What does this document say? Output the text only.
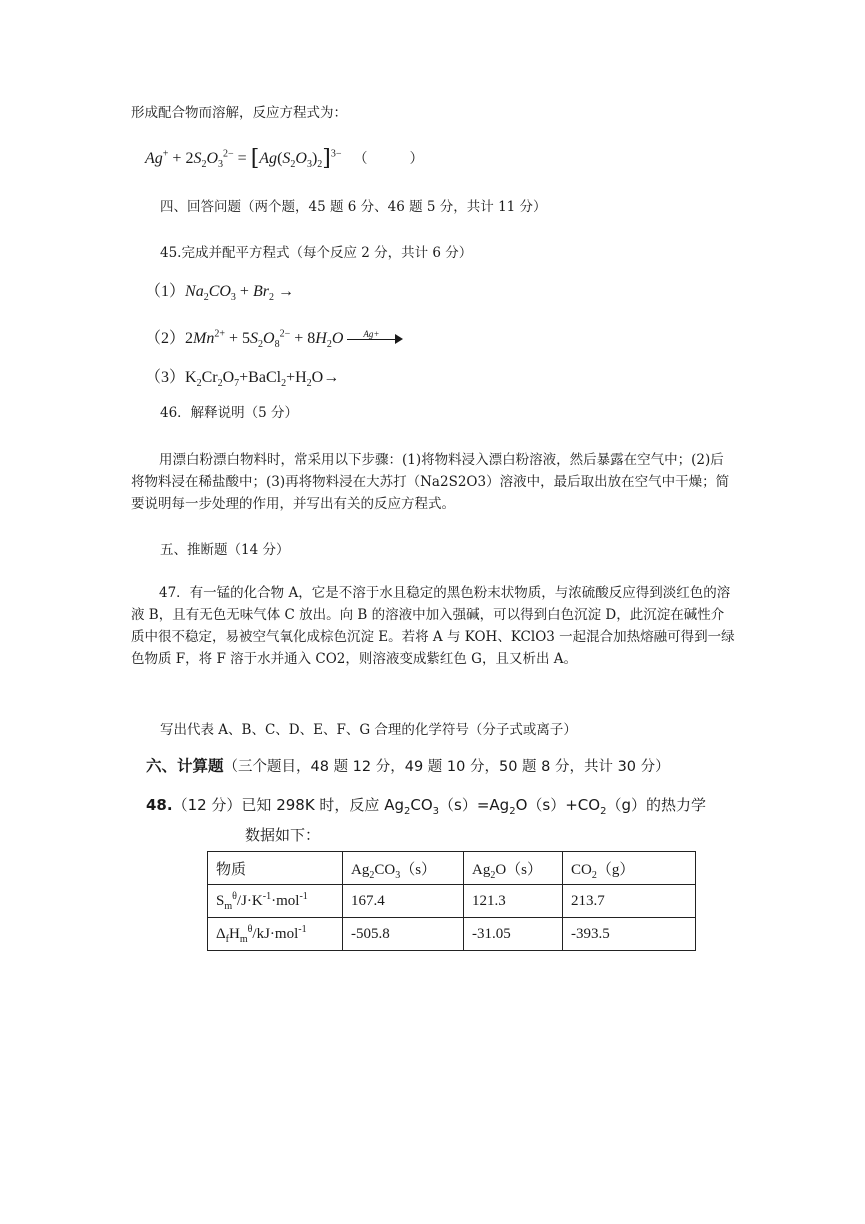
形成配合物而溶解，反应方程式为：
$Ag^+ + 2S_2O_3^{2-} = [Ag(S_2O_3)_2]^{3-}$ （　　　）
四、回答问题（两个题，45 题 6 分、46 题 5 分，共计 11 分）
45.完成并配平方程式（每个反应 2 分，共计 6 分）
$(1)Na_2CO_3 + Br_2$ →
$(2)2Mn^{2+} + 5S_2O_8^{2-} + 8H_2O$ Ag+
$(3)K_2Cr_2O_7+BaCl_2+H_2O\to$
46．解释说明（5 分）
用漂白粉漂白物料时，常采用以下步骤：(1)将物料浸入漂白粉溶液，然后暴露在空气中；(2)后将物料浸在稀盐酸中；(3)再将物料浸在大苏打（Na2S2O3）溶液中，最后取出放在空气中干燥；简要说明每一步处理的作用，并写出有关的反应方程式。
五、推断题（14 分）
47．有一锰的化合物 A，它是不溶于水且稳定的黑色粉末状物质，与浓硫酸反应得到淡红色的溶液 B，且有无色无味气体 C 放出。向 B 的溶液中加入强碱，可以得到白色沉淀 D，此沉淀在碱性介质中很不稳定，易被空气氧化成棕色沉淀 E。若将 A 与 KOH、KClO3 一起混合加热熔融可得到一绿色物质 F，将 F 溶于水并通入 CO2，则溶液变成紫红色 G，且又析出 A。
写出代表 A、B、C、D、E、F、G 合理的化学符号（分子式或离子）
六、计算题（三个题目，48 题 12 分，49 题 10 分，50 题 8 分，共计 30 分）
48.（12 分）已知 298K 时，反应 $Ag_2CO_3(s)=Ag_2O(s)+CO_2(g)$的热力学
数据如下：
物质	$Ag_2CO_3(s)$	$Ag_2O(s)$	$CO_2(g)$
$S_m^\theta/J\cdot K^{-1}\cdot mol^{-1}$	167.4	121.3	213.7
$\Delta_fH_m^\theta/kJ\cdot mol^{-1}$	-505.8	-31.05	-393.5
